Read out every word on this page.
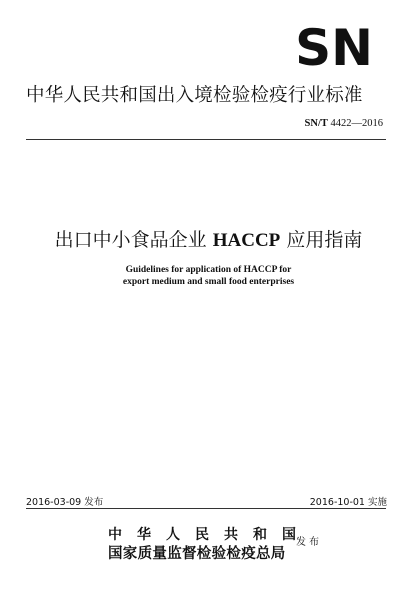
SN
中华人民共和国出入境检验检疫行业标准
SN/T 4422—2016
出口中小食品企业 HACCP 应用指南
Guidelines for application of HACCP for
export medium and small food enterprises
2016-03-09 发布	2016-10-01 实施
中 华 人 民 共 和 国
国家质量监督检验检疫总局
发布
